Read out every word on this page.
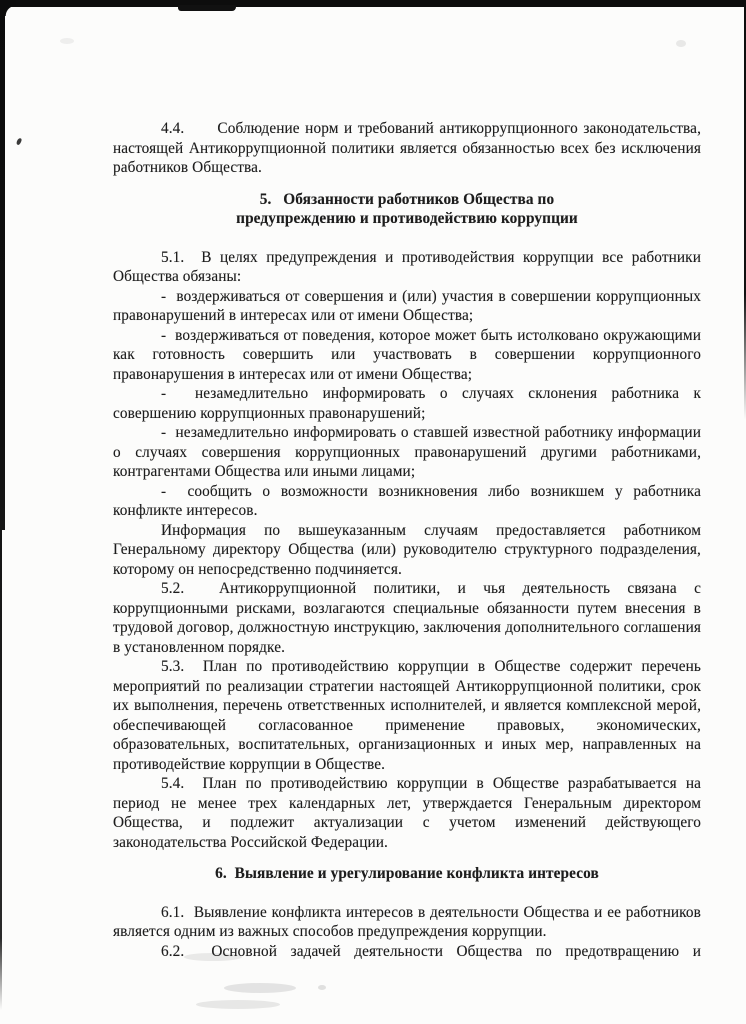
4.4.      Соблюдение норм и требований антикоррупционного законодательства, настоящей Антикоррупционной политики является обязанностью всех без исключения работников Общества.

5.   Обязанности работников Общества по
предупреждению и противодействию коррупции

5.1.  В целях предупреждения и противодействия коррупции все работники Общества обязаны:

-  воздерживаться от совершения и (или) участия в совершении коррупционных правонарушений в интересах или от имени Общества;

-  воздерживаться от поведения, которое может быть истолковано окружающими как готовность совершить или участвовать в совершении коррупционного правонарушения в интересах или от имени Общества;

-  незамедлительно информировать о случаях склонения работника к совершению коррупционных правонарушений;

-  незамедлительно информировать о ставшей известной работнику информации о случаях совершения коррупционных правонарушений другими работниками, контрагентами Общества или иными лицами;

-  сообщить о возможности возникновения либо возникшем у работника конфликте интересов.

Информация по вышеуказанным случаям предоставляется работником Генеральному директору Общества (или) руководителю структурного подразделения, которому он непосредственно подчиняется.

5.2.  Антикоррупционной политики, и чья деятельность связана с коррупционными рисками, возлагаются специальные обязанности путем внесения в трудовой договор, должностную инструкцию, заключения дополнительного соглашения в установленном порядке.

5.3.  План по противодействию коррупции в Обществе содержит перечень мероприятий по реализации стратегии настоящей Антикоррупционной политики, срок их выполнения, перечень ответственных исполнителей, и является комплексной мерой, обеспечивающей согласованное применение правовых, экономических, образовательных, воспитательных, организационных и иных мер, направленных на противодействие коррупции в Обществе.

5.4.  План по противодействию коррупции в Обществе разрабатывается на период не менее трех календарных лет, утверждается Генеральным директором Общества, и подлежит актуализации с учетом изменений действующего законодательства Российской Федерации.

6.  Выявление и урегулирование конфликта интересов

6.1.  Выявление конфликта интересов в деятельности Общества и ее работников является одним из важных способов предупреждения коррупции.

6.2.  Основной задачей деятельности Общества по предотвращению и
